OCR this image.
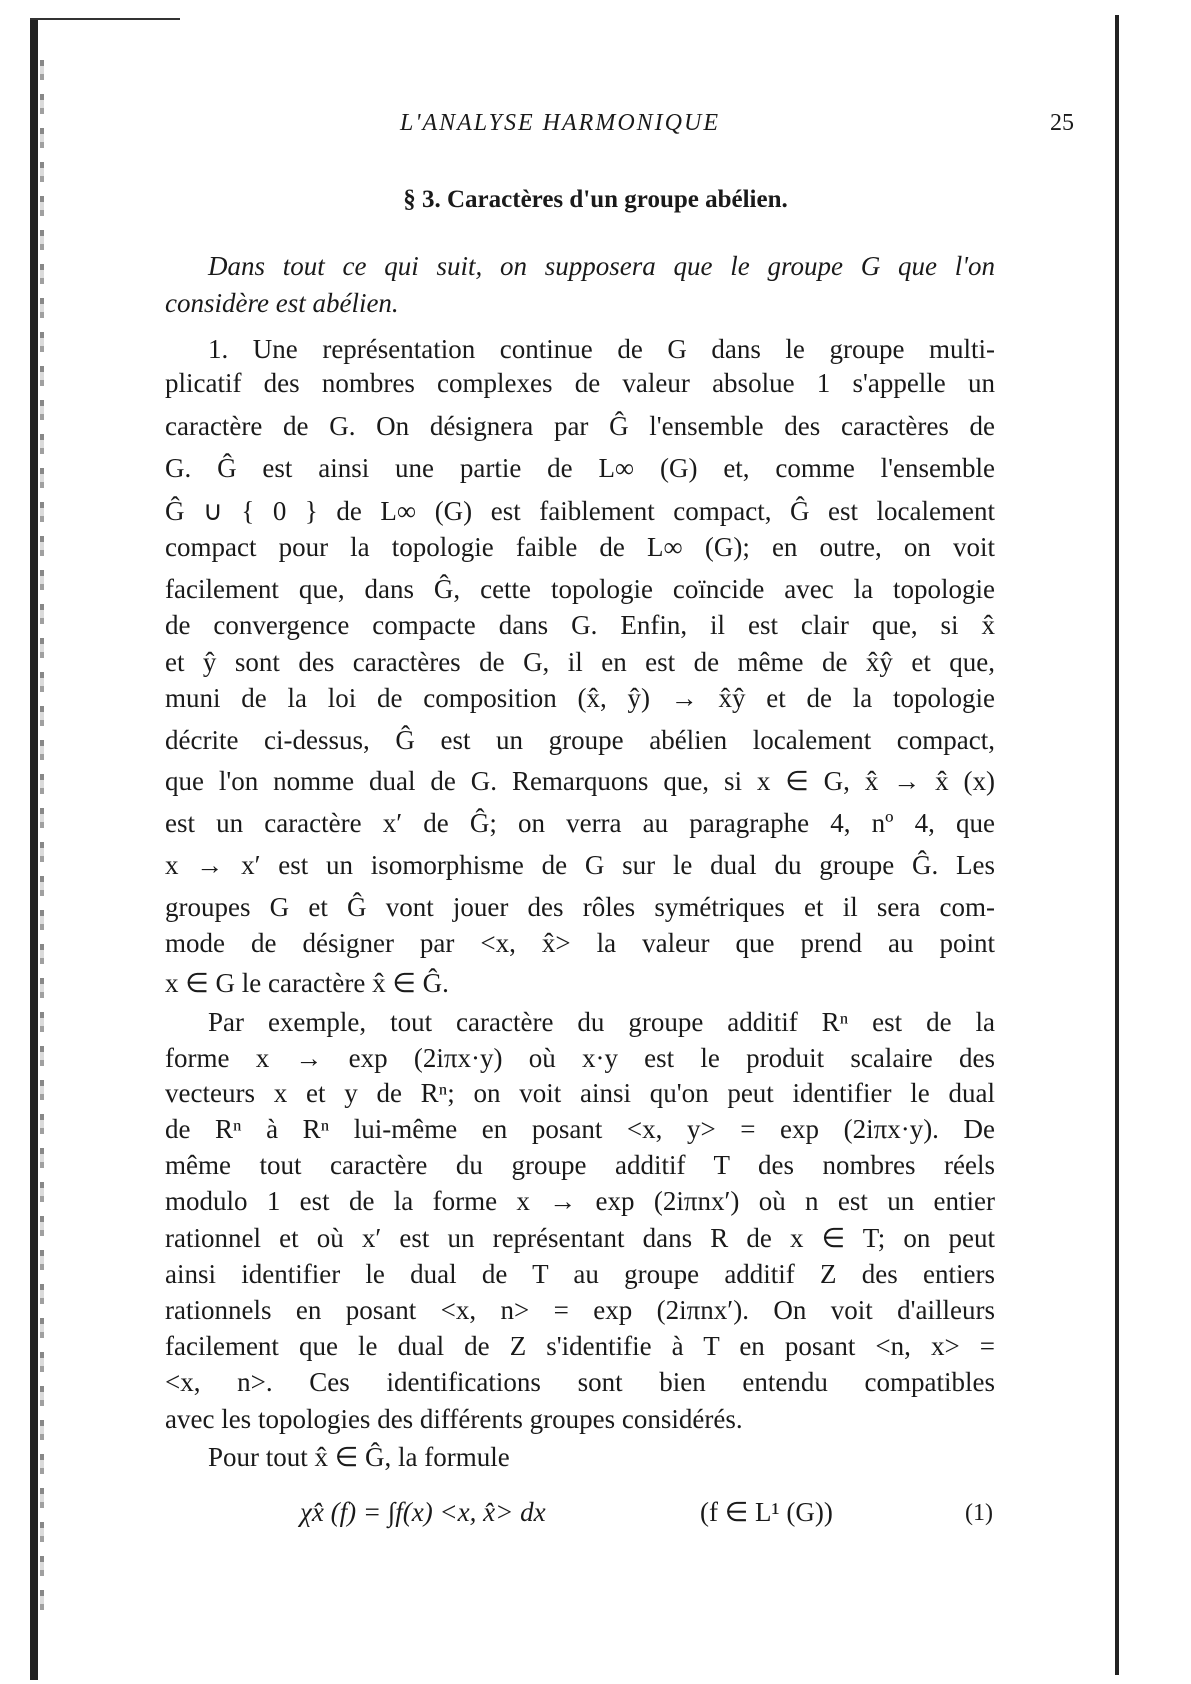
L'ANALYSE HARMONIQUE	25
§ 3. Caractères d'un groupe abélien.
Dans tout ce qui suit, on supposera que le groupe G que l'on
considère est abélien.
1. Une représentation continue de G dans le groupe multi-
plicatif des nombres complexes de valeur absolue 1 s'appelle un
caractère de G. On désignera par Ĝ l'ensemble des caractères de
G. Ĝ est ainsi une partie de L∞ (G) et, comme l'ensemble
Ĝ ∪ { 0 } de L∞ (G) est faiblement compact, Ĝ est localement
compact pour la topologie faible de L∞ (G); en outre, on voit
facilement que, dans Ĝ, cette topologie coïncide avec la topologie
de convergence compacte dans G. Enfin, il est clair que, si x̂
et ŷ sont des caractères de G, il en est de même de x̂ŷ et que,
muni de la loi de composition (x̂, ŷ) → x̂ŷ et de la topologie
décrite ci-dessus, Ĝ est un groupe abélien localement compact,
que l'on nomme dual de G. Remarquons que, si x ∈ G, x̂ → x̂ (x)
est un caractère x′ de Ĝ; on verra au paragraphe 4, nº 4, que
x → x′ est un isomorphisme de G sur le dual du groupe Ĝ. Les
groupes G et Ĝ vont jouer des rôles symétriques et il sera com-
mode de désigner par <x, x̂> la valeur que prend au point
x ∈ G le caractère x̂ ∈ Ĝ.
Par exemple, tout caractère du groupe additif Rⁿ est de la
forme x → exp (2iπx·y) où x·y est le produit scalaire des
vecteurs x et y de Rⁿ; on voit ainsi qu'on peut identifier le dual
de Rⁿ à Rⁿ lui-même en posant <x, y> = exp (2iπx·y). De
même tout caractère du groupe additif T des nombres réels
modulo 1 est de la forme x → exp (2iπnx′) où n est un entier
rationnel et où x′ est un représentant dans R de x ∈ T; on peut
ainsi identifier le dual de T au groupe additif Z des entiers
rationnels en posant <x, n> = exp (2iπnx′). On voit d'ailleurs
facilement que le dual de Z s'identifie à T en posant <n, x> =
<x, n>. Ces identifications sont bien entendu compatibles
avec les topologies des différents groupes considérés.
Pour tout x̂ ∈ Ĝ, la formule
χx̂ (f) = ∫f(x) <x, x̂> dx	(f ∈ L¹ (G))	(1)
